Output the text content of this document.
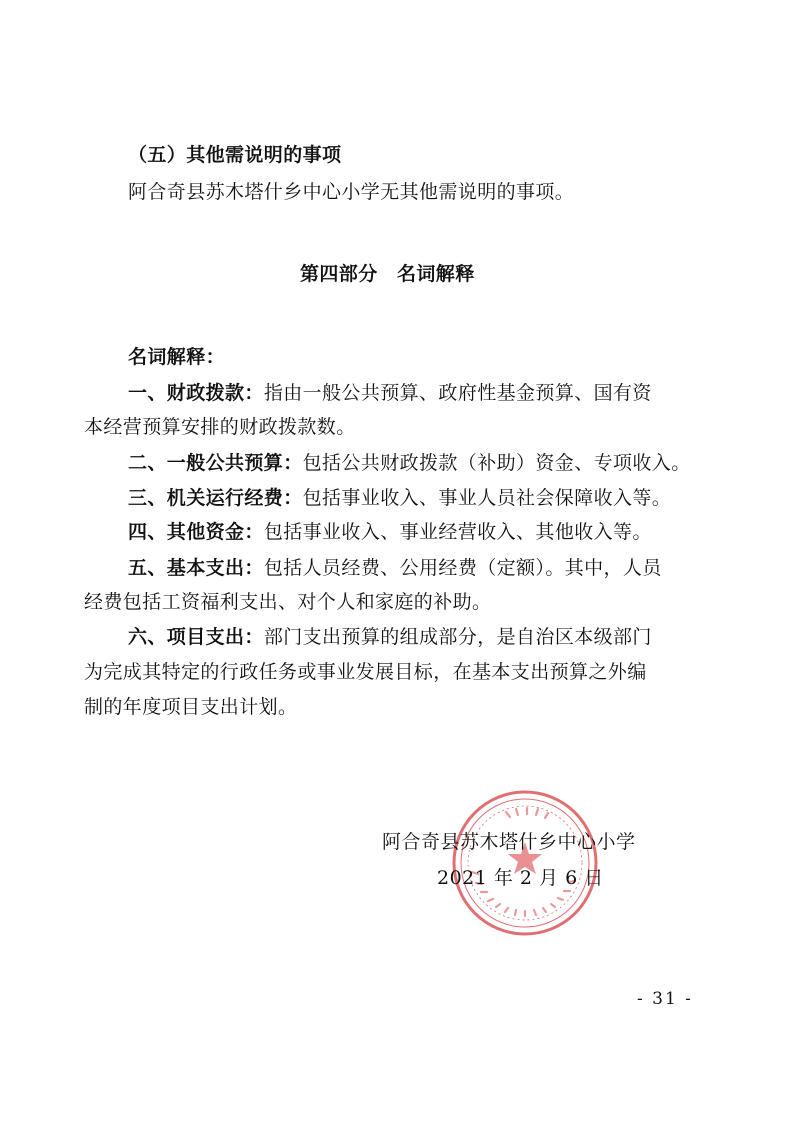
（五）其他需说明的事项
阿合奇县苏木塔什乡中心小学无其他需说明的事项。
第四部分　名词解释
名词解释：
一、财政拨款：指由一般公共预算、政府性基金预算、国有资
本经营预算安排的财政拨款数。
二、一般公共预算：包括公共财政拨款（补助）资金、专项收入。
三、机关运行经费：包括事业收入、事业人员社会保障收入等。
四、其他资金：包括事业收入、事业经营收入、其他收入等。
五、基本支出：包括人员经费、公用经费（定额）。其中，人员
经费包括工资福利支出、对个人和家庭的补助。
六、项目支出：部门支出预算的组成部分，是自治区本级部门
为完成其特定的行政任务或事业发展目标，在基本支出预算之外编
制的年度项目支出计划。
阿合奇县苏木塔什乡中心小学
2021 年 2 月 6 日
- 31 -
